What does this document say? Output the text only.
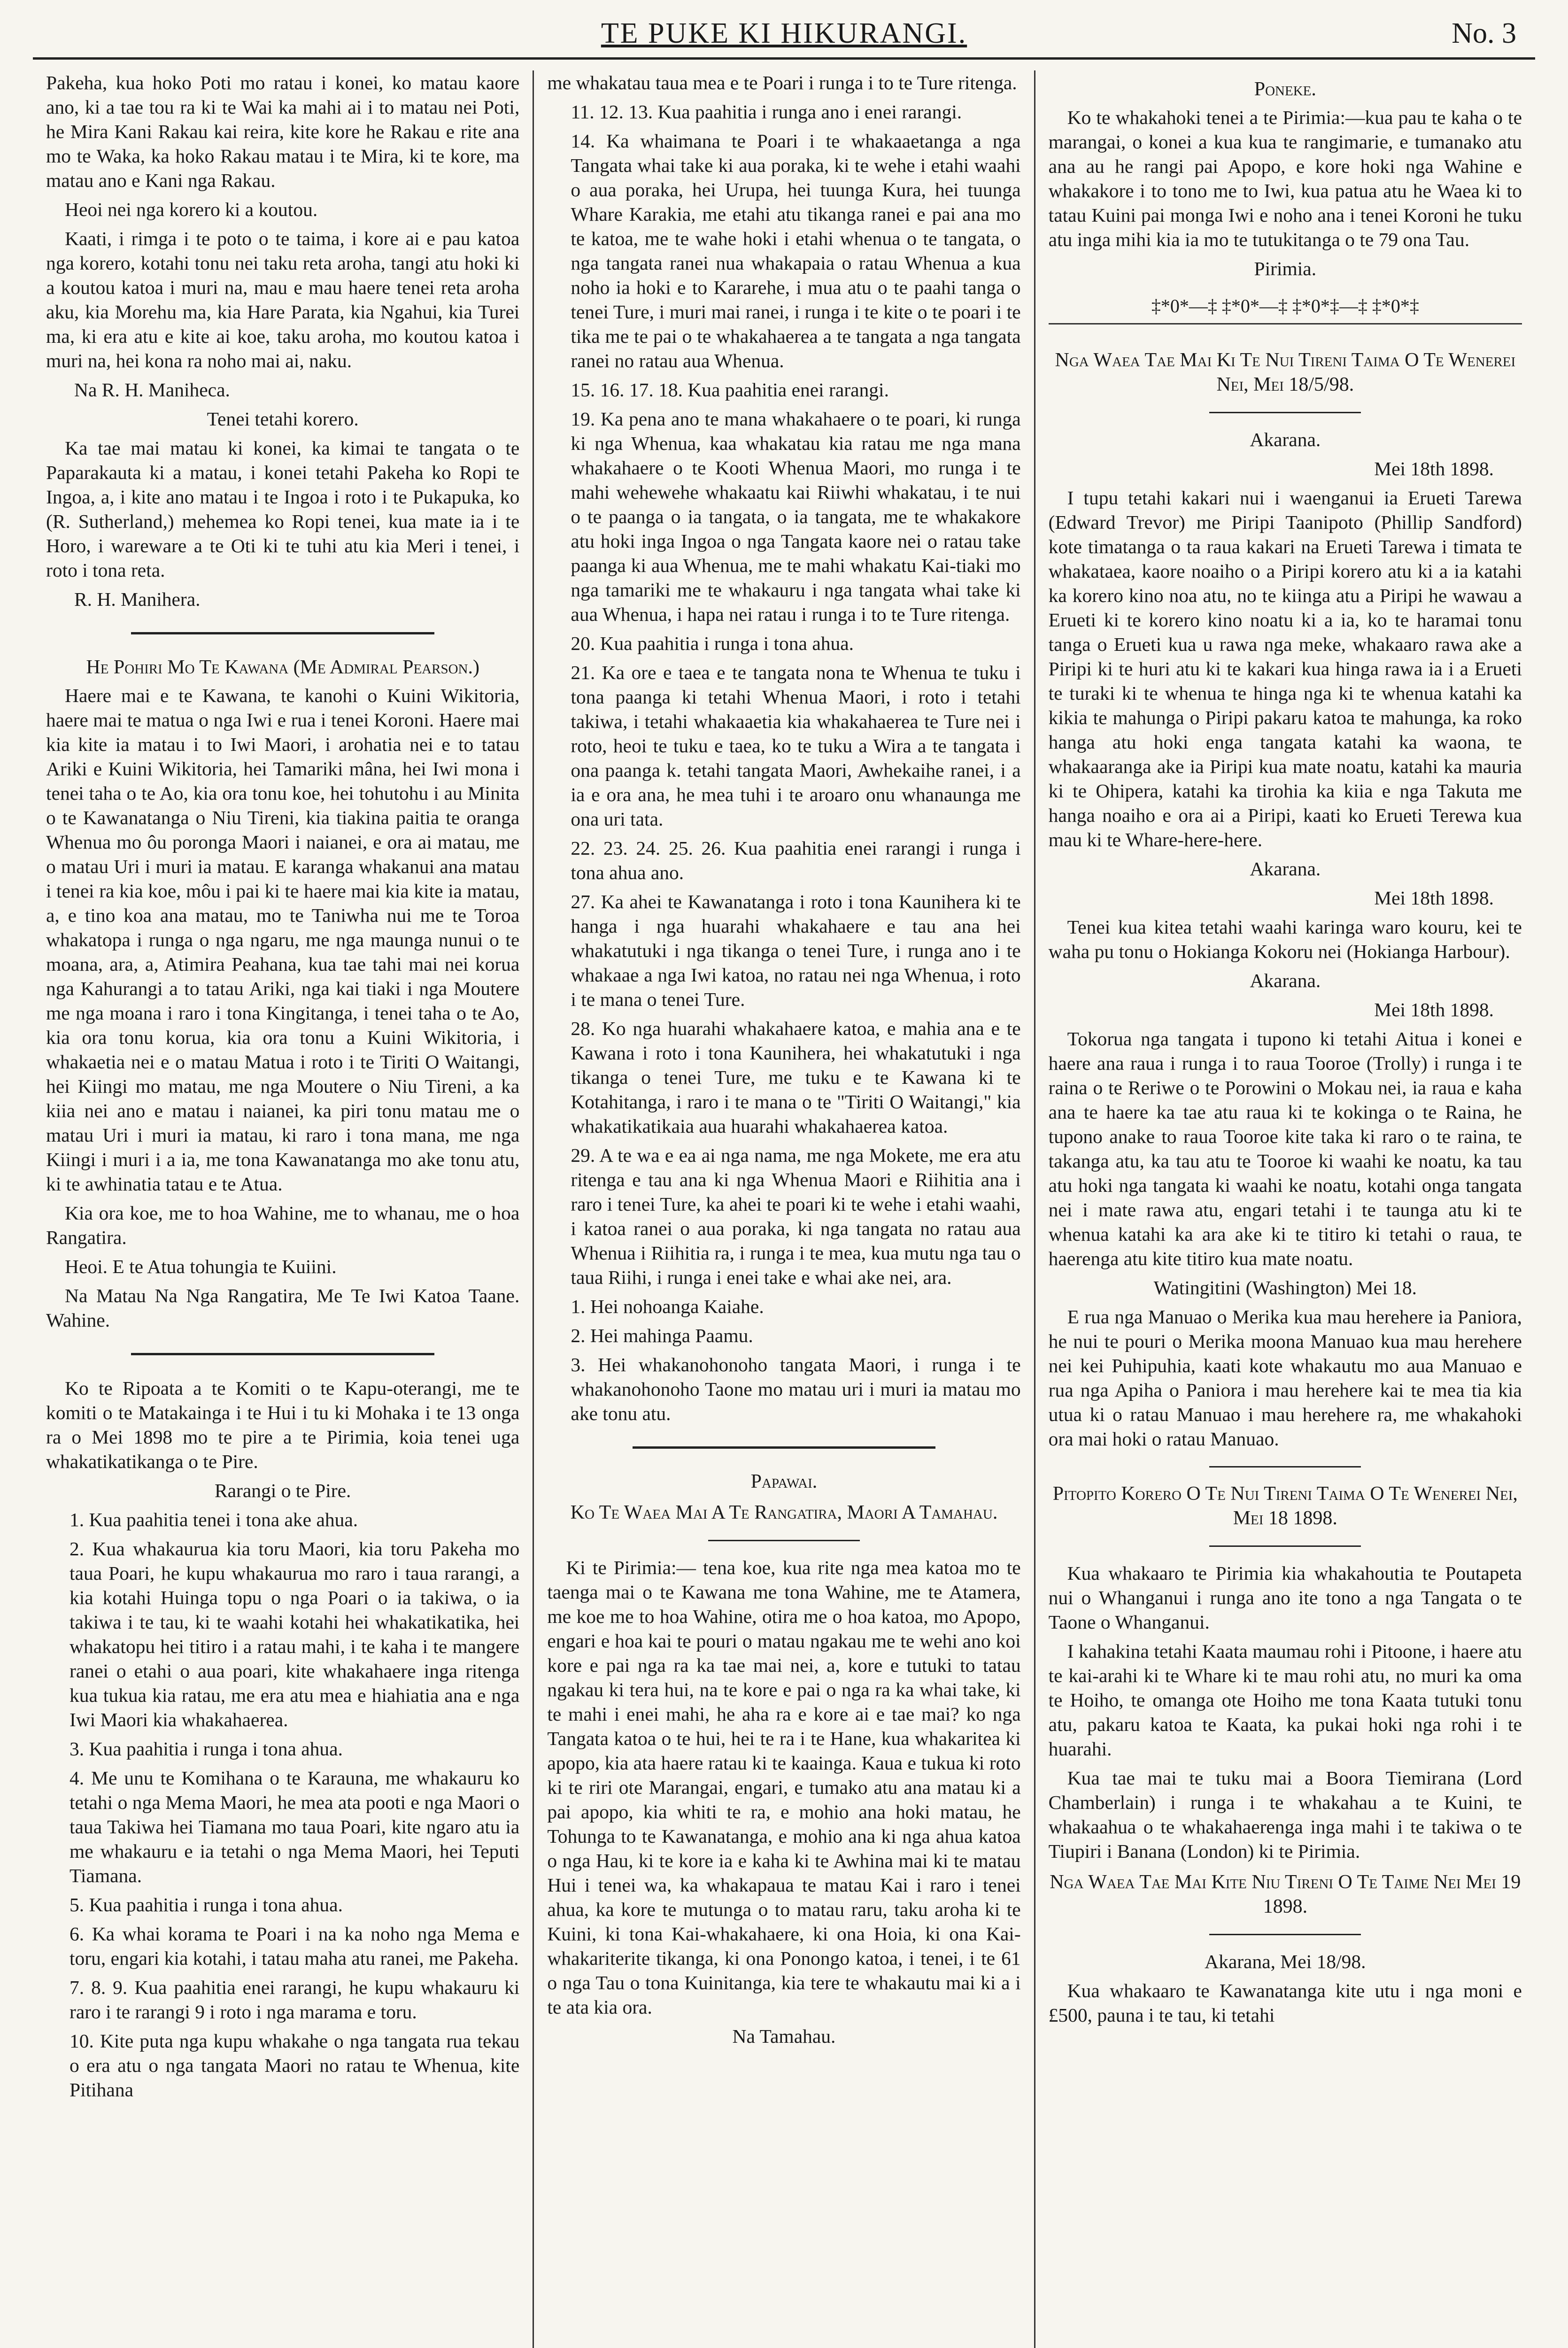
TE PUKE KI HIKURANGI.	No. 3

Pakeha, kua hoko Poti mo ratau i konei, ko matau kaore ano, ki a tae tou ra ki te Wai ka mahi ai i to matau nei Poti, he Mira Kani Rakau kai reira, kite kore he Rakau e rite ana mo te Waka, ka hoko Rakau matau i te Mira, ki te kore, ma matau ano e Kani nga Rakau.

Heoi nei nga korero ki a koutou.

Kaati, i rimga i te poto o te taima, i kore ai e pau katoa nga korero, kotahi tonu nei taku reta aroha, tangi atu hoki ki a koutou katoa i muri na, mau e mau haere tenei reta aroha aku, kia Morehu ma, kia Hare Parata, kia Ngahui, kia Turei ma, ki era atu e kite ai koe, taku aroha, mo koutou katoa i muri na, hei kona ra noho mai ai, naku.

Na R. H. Maniheca.

Tenei tetahi korero.

Ka tae mai matau ki konei, ka kimai te tangata o te Paparakauta ki a matau, i konei tetahi Pakeha ko Ropi te Ingoa, a, i kite ano matau i te Ingoa i roto i te Pukapuka, ko (R. Sutherland,) mehemea ko Ropi tenei, kua mate ia i te Horo, i wareware a te Oti ki te tuhi atu kia Meri i tenei, i roto i tona reta.

R. H. Manihera.

He Pohiri Mo Te Kawana (Me Admiral Pearson.)

Haere mai e te Kawana, te kanohi o Kuini Wikitoria, haere mai te matua o nga Iwi e rua i tenei Koroni. Haere mai kia kite ia matau i to Iwi Maori, i arohatia nei e to tatau Ariki e Kuini Wikitoria, hei Tamariki mâna, hei Iwi mona i tenei taha o te Ao, kia ora tonu koe, hei tohutohu i au Minita o te Kawanatanga o Niu Tireni, kia tiakina paitia te oranga Whenua mo ôu poronga Maori i naianei, e ora ai matau, me o matau Uri i muri ia matau. E karanga whakanui ana matau i tenei ra kia koe, môu i pai ki te haere mai kia kite ia matau, a, e tino koa ana matau, mo te Taniwha nui me te Toroa whakatopa i runga o nga ngaru, me nga maunga nunui o te moana, ara, a, Atimira Peahana, kua tae tahi mai nei korua nga Kahurangi a to tatau Ariki, nga kai tiaki i nga Moutere me nga moana i raro i tona Kingitanga, i tenei taha o te Ao, kia ora tonu korua, kia ora tonu a Kuini Wikitoria, i whakaetia nei e o matau Matua i roto i te Tiriti O Waitangi, hei Kiingi mo matau, me nga Moutere o Niu Tireni, a ka kiia nei ano e matau i naianei, ka piri tonu matau me o matau Uri i muri ia matau, ki raro i tona mana, me nga Kiingi i muri i a ia, me tona Kawanatanga mo ake tonu atu, ki te awhinatia tatau e te Atua.

Kia ora koe, me to hoa Wahine, me to whanau, me o hoa Rangatira.

Heoi. E te Atua tohungia te Kuiini.

Na Matau Na Nga Rangatira, Me Te Iwi Katoa Taane. Wahine.

Ko te Ripoata a te Komiti o te Kapu-oterangi, me te komiti o te Matakainga i te Hui i tu ki Mohaka i te 13 onga ra o Mei 1898 mo te pire a te Pirimia, koia tenei uga whakatikatikanga o te Pire.

Rarangi o te Pire.

1. Kua paahitia tenei i tona ake ahua.

2. Kua whakaurua kia toru Maori, kia toru Pakeha mo taua Poari, he kupu whakaurua mo raro i taua rarangi, a kia kotahi Huinga topu o nga Poari o ia takiwa, o ia takiwa i te tau, ki te waahi kotahi hei whakatikatika, hei whakatopu hei titiro i a ratau mahi, i te kaha i te mangere ranei o etahi o aua poari, kite whakahaere inga ritenga kua tukua kia ratau, me era atu mea e hiahiatia ana e nga Iwi Maori kia whakahaerea.

3. Kua paahitia i runga i tona ahua.

4. Me unu te Komihana o te Karauna, me whakauru ko tetahi o nga Mema Maori, he mea ata pooti e nga Maori o taua Takiwa hei Tiamana mo taua Poari, kite ngaro atu ia me whakauru e ia tetahi o nga Mema Maori, hei Teputi Tiamana.

5. Kua paahitia i runga i tona ahua.

6. Ka whai korama te Poari i na ka noho nga Mema e toru, engari kia kotahi, i tatau maha atu ranei, me Pakeha.

7. 8. 9. Kua paahitia enei rarangi, he kupu whakauru ki raro i te rarangi 9 i roto i nga marama e toru.

10. Kite puta nga kupu whakahe o nga tangata rua tekau o era atu o nga tangata Maori no ratau te Whenua, kite Pitihana

me whakatau taua mea e te Poari i runga i to te Ture ritenga.

11. 12. 13. Kua paahitia i runga ano i enei rarangi.

14. Ka whaimana te Poari i te whakaaetanga a nga Tangata whai take ki aua poraka, ki te wehe i etahi waahi o aua poraka, hei Urupa, hei tuunga Kura, hei tuunga Whare Karakia, me etahi atu tikanga ranei e pai ana mo te katoa, me te wahe hoki i etahi whenua o te tangata, o nga tangata ranei nua whakapaia o ratau Whenua a kua noho ia hoki e to Kararehe, i mua atu o te paahi tanga o tenei Ture, i muri mai ranei, i runga i te kite o te poari i te tika me te pai o te whakahaerea a te tangata a nga tangata ranei no ratau aua Whenua.

15. 16. 17. 18. Kua paahitia enei rarangi.

19. Ka pena ano te mana whakahaere o te poari, ki runga ki nga Whenua, kaa whakatau kia ratau me nga mana whakahaere o te Kooti Whenua Maori, mo runga i te mahi wehewehe whakaatu kai Riiwhi whakatau, i te nui o te paanga o ia tangata, o ia tangata, me te whakakore atu hoki inga Ingoa o nga Tangata kaore nei o ratau take paanga ki aua Whenua, me te mahi whakatu Kai-tiaki mo nga tamariki me te whakauru i nga tangata whai take ki aua Whenua, i hapa nei ratau i runga i to te Ture ritenga.

20. Kua paahitia i runga i tona ahua.

21. Ka ore e taea e te tangata nona te Whenua te tuku i tona paanga ki tetahi Whenua Maori, i roto i tetahi takiwa, i tetahi whakaaetia kia whakahaerea te Ture nei i roto, heoi te tuku e taea, ko te tuku a Wira a te tangata i ona paanga k. tetahi tangata Maori, Awhekaihe ranei, i a ia e ora ana, he mea tuhi i te aroaro onu whanaunga me ona uri tata.

22. 23. 24. 25. 26. Kua paahitia enei rarangi i runga i tona ahua ano.

27. Ka ahei te Kawanatanga i roto i tona Kaunihera ki te hanga i nga huarahi whakahaere e tau ana hei whakatutuki i nga tikanga o tenei Ture, i runga ano i te whakaae a nga Iwi katoa, no ratau nei nga Whenua, i roto i te mana o tenei Ture.

28. Ko nga huarahi whakahaere katoa, e mahia ana e te Kawana i roto i tona Kaunihera, hei whakatutuki i nga tikanga o tenei Ture, me tuku e te Kawana ki te Kotahitanga, i raro i te mana o te "Tiriti O Waitangi," kia whakatikatikaia aua huarahi whakahaerea katoa.

29. A te wa e ea ai nga nama, me nga Mokete, me era atu ritenga e tau ana ki nga Whenua Maori e Riihitia ana i raro i tenei Ture, ka ahei te poari ki te wehe i etahi waahi, i katoa ranei o aua poraka, ki nga tangata no ratau aua Whenua i Riihitia ra, i runga i te mea, kua mutu nga tau o taua Riihi, i runga i enei take e whai ake nei, ara.

1. Hei nohoanga Kaiahe.

2. Hei mahinga Paamu.

3. Hei whakanohonoho tangata Maori, i runga i te whakanohonoho Taone mo matau uri i muri ia matau mo ake tonu atu.

Papawai.
Ko Te Waea Mai A Te Rangatira, Maori A Tamahau.

Ki te Pirimia:— tena koe, kua rite nga mea katoa mo te taenga mai o te Kawana me tona Wahine, me te Atamera, me koe me to hoa Wahine, otira me o hoa katoa, mo Apopo, engari e hoa kai te pouri o matau ngakau me te wehi ano koi kore e pai nga ra ka tae mai nei, a, kore e tutuki to tatau ngakau ki tera hui, na te kore e pai o nga ra ka whai take, ki te mahi i enei mahi, he aha ra e kore ai e tae mai? ko nga Tangata katoa o te hui, hei te ra i te Hane, kua whakaritea ki apopo, kia ata haere ratau ki te kaainga. Kaua e tukua ki roto ki te riri ote Marangai, engari, e tumako atu ana matau ki a pai apopo, kia whiti te ra, e mohio ana hoki matau, he Tohunga to te Kawanatanga, e mohio ana ki nga ahua katoa o nga Hau, ki te kore ia e kaha ki te Awhina mai ki te matau Hui i tenei wa, ka whakapaua te matau Kai i raro i tenei ahua, ka kore te mutunga o to matau raru, taku aroha ki te Kuini, ki tona Kai-whakahaere, ki ona Hoia, ki ona Kai-whakariterite tikanga, ki ona Ponongo katoa, i tenei, i te 61 o nga Tau o tona Kuinitanga, kia tere te whakautu mai ki a i te ata kia ora.

Na Tamahau.

Poneke.

Ko te whakahoki tenei a te Pirimia:—kua pau te kaha o te marangai, o konei a kua kua te rangimarie, e tumanako atu ana au he rangi pai Apopo, e kore hoki nga Wahine e whakakore i to tono me to Iwi, kua patua atu he Waea ki to tatau Kuini pai monga Iwi e noho ana i tenei Koroni he tuku atu inga mihi kia ia mo te tutukitanga o te 79 ona Tau.

Pirimia.

‡*0*—‡ ‡*0*—‡ ‡*0*‡—‡ ‡*0*‡
Nga Waea Tae Mai Ki Te Nui Tireni Taima O Te Wenerei Nei, Mei 18/5/98.

Akarana.

Mei 18th 1898.

I tupu tetahi kakari nui i waenganui ia Erueti Tarewa (Edward Trevor) me Piripi Taanipoto (Phillip Sandford) kote timatanga o ta raua kakari na Erueti Tarewa i timata te whakataea, kaore noaiho o a Piripi korero atu ki a ia katahi ka korero kino noa atu, no te kiinga atu a Piripi he wawau a Erueti ki te korero kino noatu ki a ia, ko te haramai tonu tanga o Erueti kua u rawa nga meke, whakaaro rawa ake a Piripi ki te huri atu ki te kakari kua hinga rawa ia i a Erueti te turaki ki te whenua te hinga nga ki te whenua katahi ka kikia te mahunga o Piripi pakaru katoa te mahunga, ka roko hanga atu hoki enga tangata katahi ka waona, te whakaaranga ake ia Piripi kua mate noatu, katahi ka mauria ki te Ohipera, katahi ka tirohia ka kiia e nga Takuta me hanga noaiho e ora ai a Piripi, kaati ko Erueti Terewa kua mau ki te Whare-here-here.

Akarana.

Mei 18th 1898.

Tenei kua kitea tetahi waahi karinga waro kouru, kei te waha pu tonu o Hokianga Kokoru nei (Hokianga Harbour).

Akarana.

Mei 18th 1898.

Tokorua nga tangata i tupono ki tetahi Aitua i konei e haere ana raua i runga i to raua Tooroe (Trolly) i runga i te raina o te Reriwe o te Porowini o Mokau nei, ia raua e kaha ana te haere ka tae atu raua ki te kokinga o te Raina, he tupono anake to raua Tooroe kite taka ki raro o te raina, te takanga atu, ka tau atu te Tooroe ki waahi ke noatu, ka tau atu hoki nga tangata ki waahi ke noatu, kotahi onga tangata nei i mate rawa atu, engari tetahi i te taunga atu ki te whenua katahi ka ara ake ki te titiro ki tetahi o raua, te haerenga atu kite titiro kua mate noatu.

Watingitini (Washington) Mei 18.

E rua nga Manuao o Merika kua mau herehere ia Paniora, he nui te pouri o Merika moona Manuao kua mau herehere nei kei Puhipuhia, kaati kote whakautu mo aua Manuao e rua nga Apiha o Paniora i mau herehere kai te mea tia kia utua ki o ratau Manuao i mau herehere ra, me whakahoki ora mai hoki o ratau Manuao.

Pitopito Korero O Te Nui Tireni Taima O Te Wenerei Nei, Mei 18 1898.

Kua whakaaro te Pirimia kia whakahoutia te Poutapeta nui o Whanganui i runga ano ite tono a nga Tangata o te Taone o Whanganui.

I kahakina tetahi Kaata maumau rohi i Pitoone, i haere atu te kai-arahi ki te Whare ki te mau rohi atu, no muri ka oma te Hoiho, te omanga ote Hoiho me tona Kaata tutuki tonu atu, pakaru katoa te Kaata, ka pukai hoki nga rohi i te huarahi.

Kua tae mai te tuku mai a Boora Tiemirana (Lord Chamberlain) i runga i te whakahau a te Kuini, te whakaahua o te whakahaerenga inga mahi i te takiwa o te Tiupiri i Banana (London) ki te Pirimia.

Nga Waea Tae Mai Kite Niu Tireni O Te Taime Nei Mei 19 1898.

Akarana, Mei 18/98.

Kua whakaaro te Kawanatanga kite utu i nga moni e £500, pauna i te tau, ki tetahi
